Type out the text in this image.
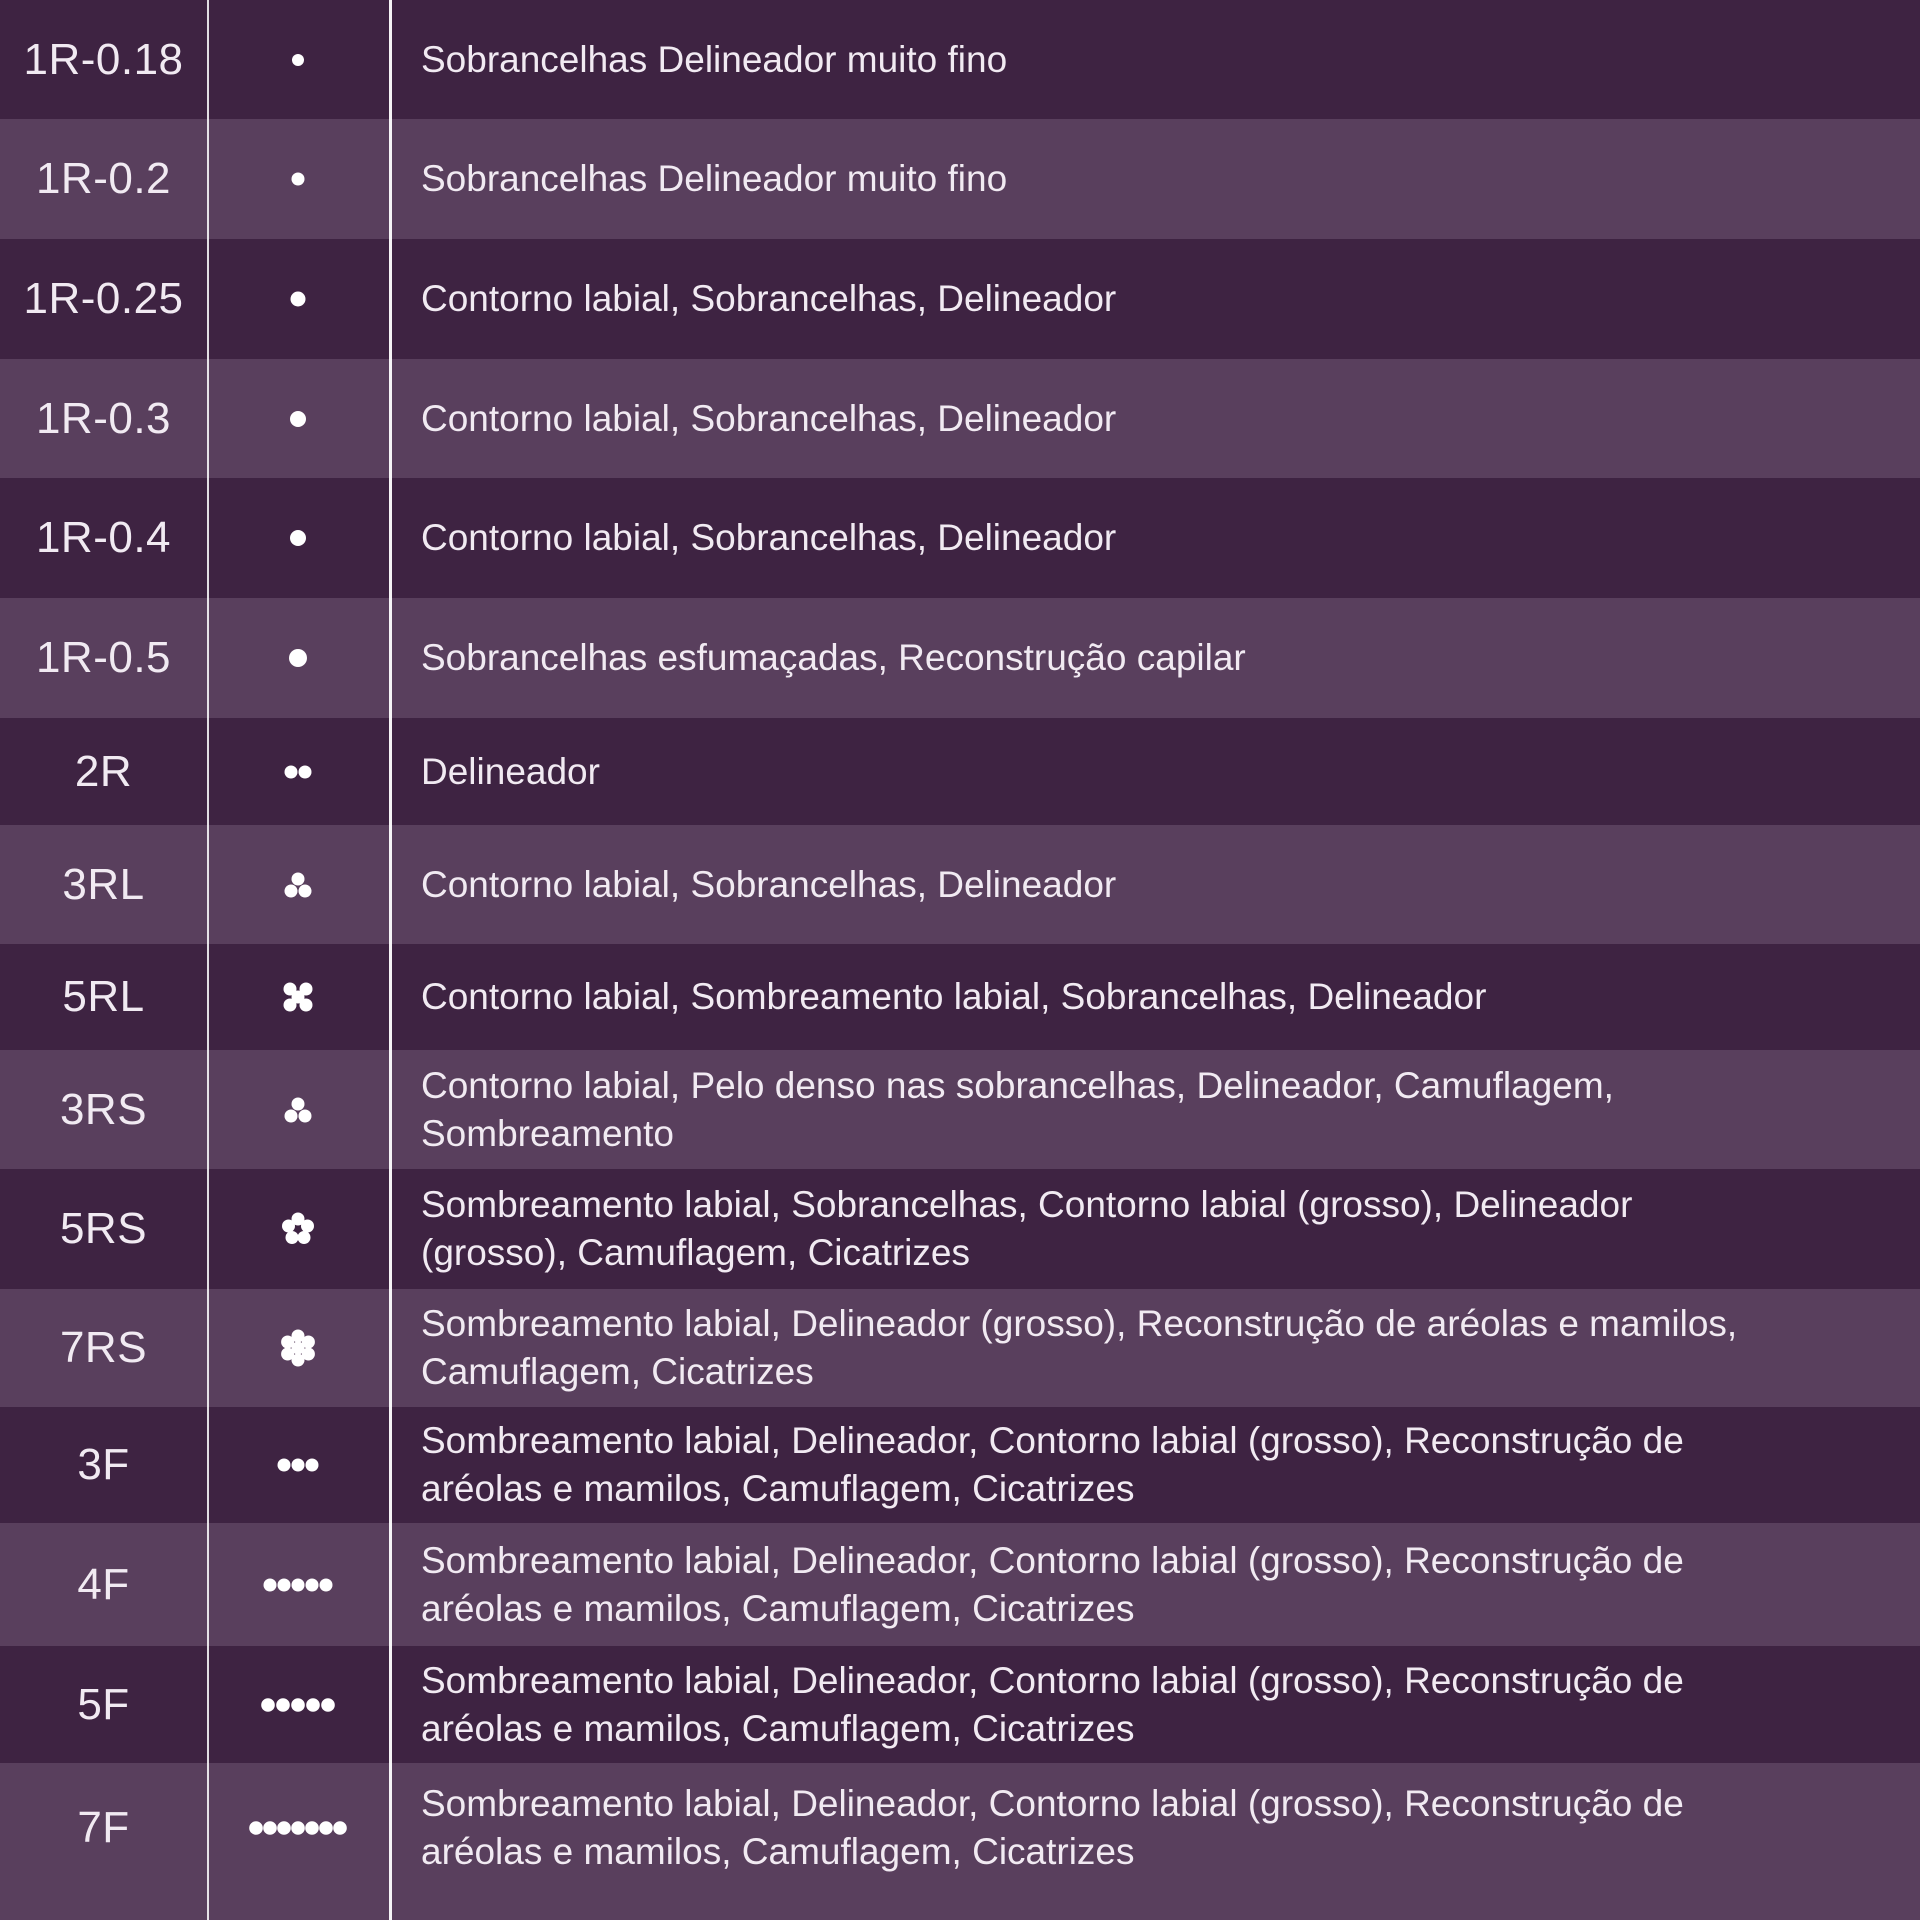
1R-0.18	Sobrancelhas Delineador muito fino
1R-0.2	Sobrancelhas Delineador muito fino
1R-0.25	Contorno labial, Sobrancelhas, Delineador
1R-0.3	Contorno labial, Sobrancelhas, Delineador
1R-0.4	Contorno labial, Sobrancelhas, Delineador
1R-0.5	Sobrancelhas esfumaçadas, Reconstrução capilar
2R	Delineador
3RL	Contorno labial, Sobrancelhas, Delineador
5RL	Contorno labial, Sombreamento labial, Sobrancelhas, Delineador
3RS	Contorno labial, Pelo denso nas sobrancelhas, Delineador, Camuflagem,
Sombreamento
5RS	Sombreamento labial, Sobrancelhas, Contorno labial (grosso), Delineador
(grosso), Camuflagem, Cicatrizes
7RS	Sombreamento labial, Delineador (grosso), Reconstrução de aréolas e mamilos,
Camuflagem, Cicatrizes
3F	Sombreamento labial, Delineador, Contorno labial (grosso), Reconstrução de
aréolas e mamilos, Camuflagem, Cicatrizes
4F	Sombreamento labial, Delineador, Contorno labial (grosso), Reconstrução de
aréolas e mamilos, Camuflagem, Cicatrizes
5F	Sombreamento labial, Delineador, Contorno labial (grosso), Reconstrução de
aréolas e mamilos, Camuflagem, Cicatrizes
7F	Sombreamento labial, Delineador, Contorno labial (grosso), Reconstrução de
aréolas e mamilos, Camuflagem, Cicatrizes
